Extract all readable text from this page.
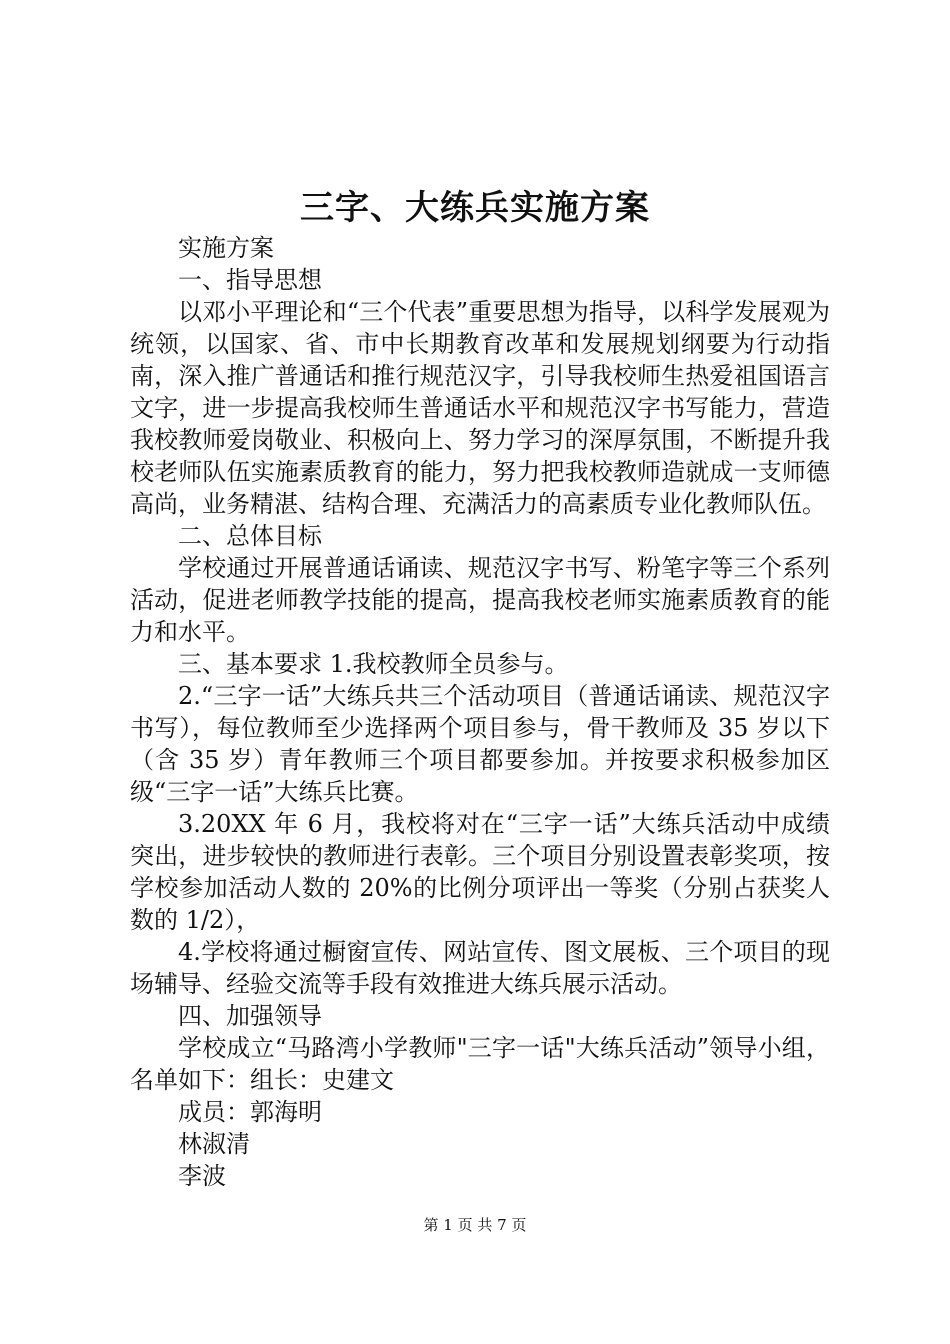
三字、大练兵实施方案

实施方案

一、指导思想

以邓小平理论和“三个代表”重要思想为指导，以科学发展观为统领，以国家、省、市中长期教育改革和发展规划纲要为行动指南，深入推广普通话和推行规范汉字，引导我校师生热爱祖国语言文字，进一步提高我校师生普通话水平和规范汉字书写能力，营造我校教师爱岗敬业、积极向上、努力学习的深厚氛围，不断提升我校老师队伍实施素质教育的能力，努力把我校教师造就成一支师德高尚，业务精湛、结构合理、充满活力的高素质专业化教师队伍。

二、总体目标

学校通过开展普通话诵读、规范汉字书写、粉笔字等三个系列活动，促进老师教学技能的提高，提高我校老师实施素质教育的能力和水平。

三、基本要求 1.我校教师全员参与。

2.“三字一话”大练兵共三个活动项目（普通话诵读、规范汉字书写），每位教师至少选择两个项目参与，骨干教师及 35 岁以下（含 35 岁）青年教师三个项目都要参加。并按要求积极参加区级“三字一话”大练兵比赛。

3.20XX 年 6 月，我校将对在“三字一话”大练兵活动中成绩突出，进步较快的教师进行表彰。三个项目分别设置表彰奖项，按学校参加活动人数的 20%的比例分项评出一等奖（分别占获奖人数的 1/2），

4.学校将通过橱窗宣传、网站宣传、图文展板、三个项目的现场辅导、经验交流等手段有效推进大练兵展示活动。

四、加强领导

学校成立“马路湾小学教师"三字一话"大练兵活动”领导小组，名单如下：组长：史建文

成员：郭海明

林淑清

李波

第 1 页 共 7 页
